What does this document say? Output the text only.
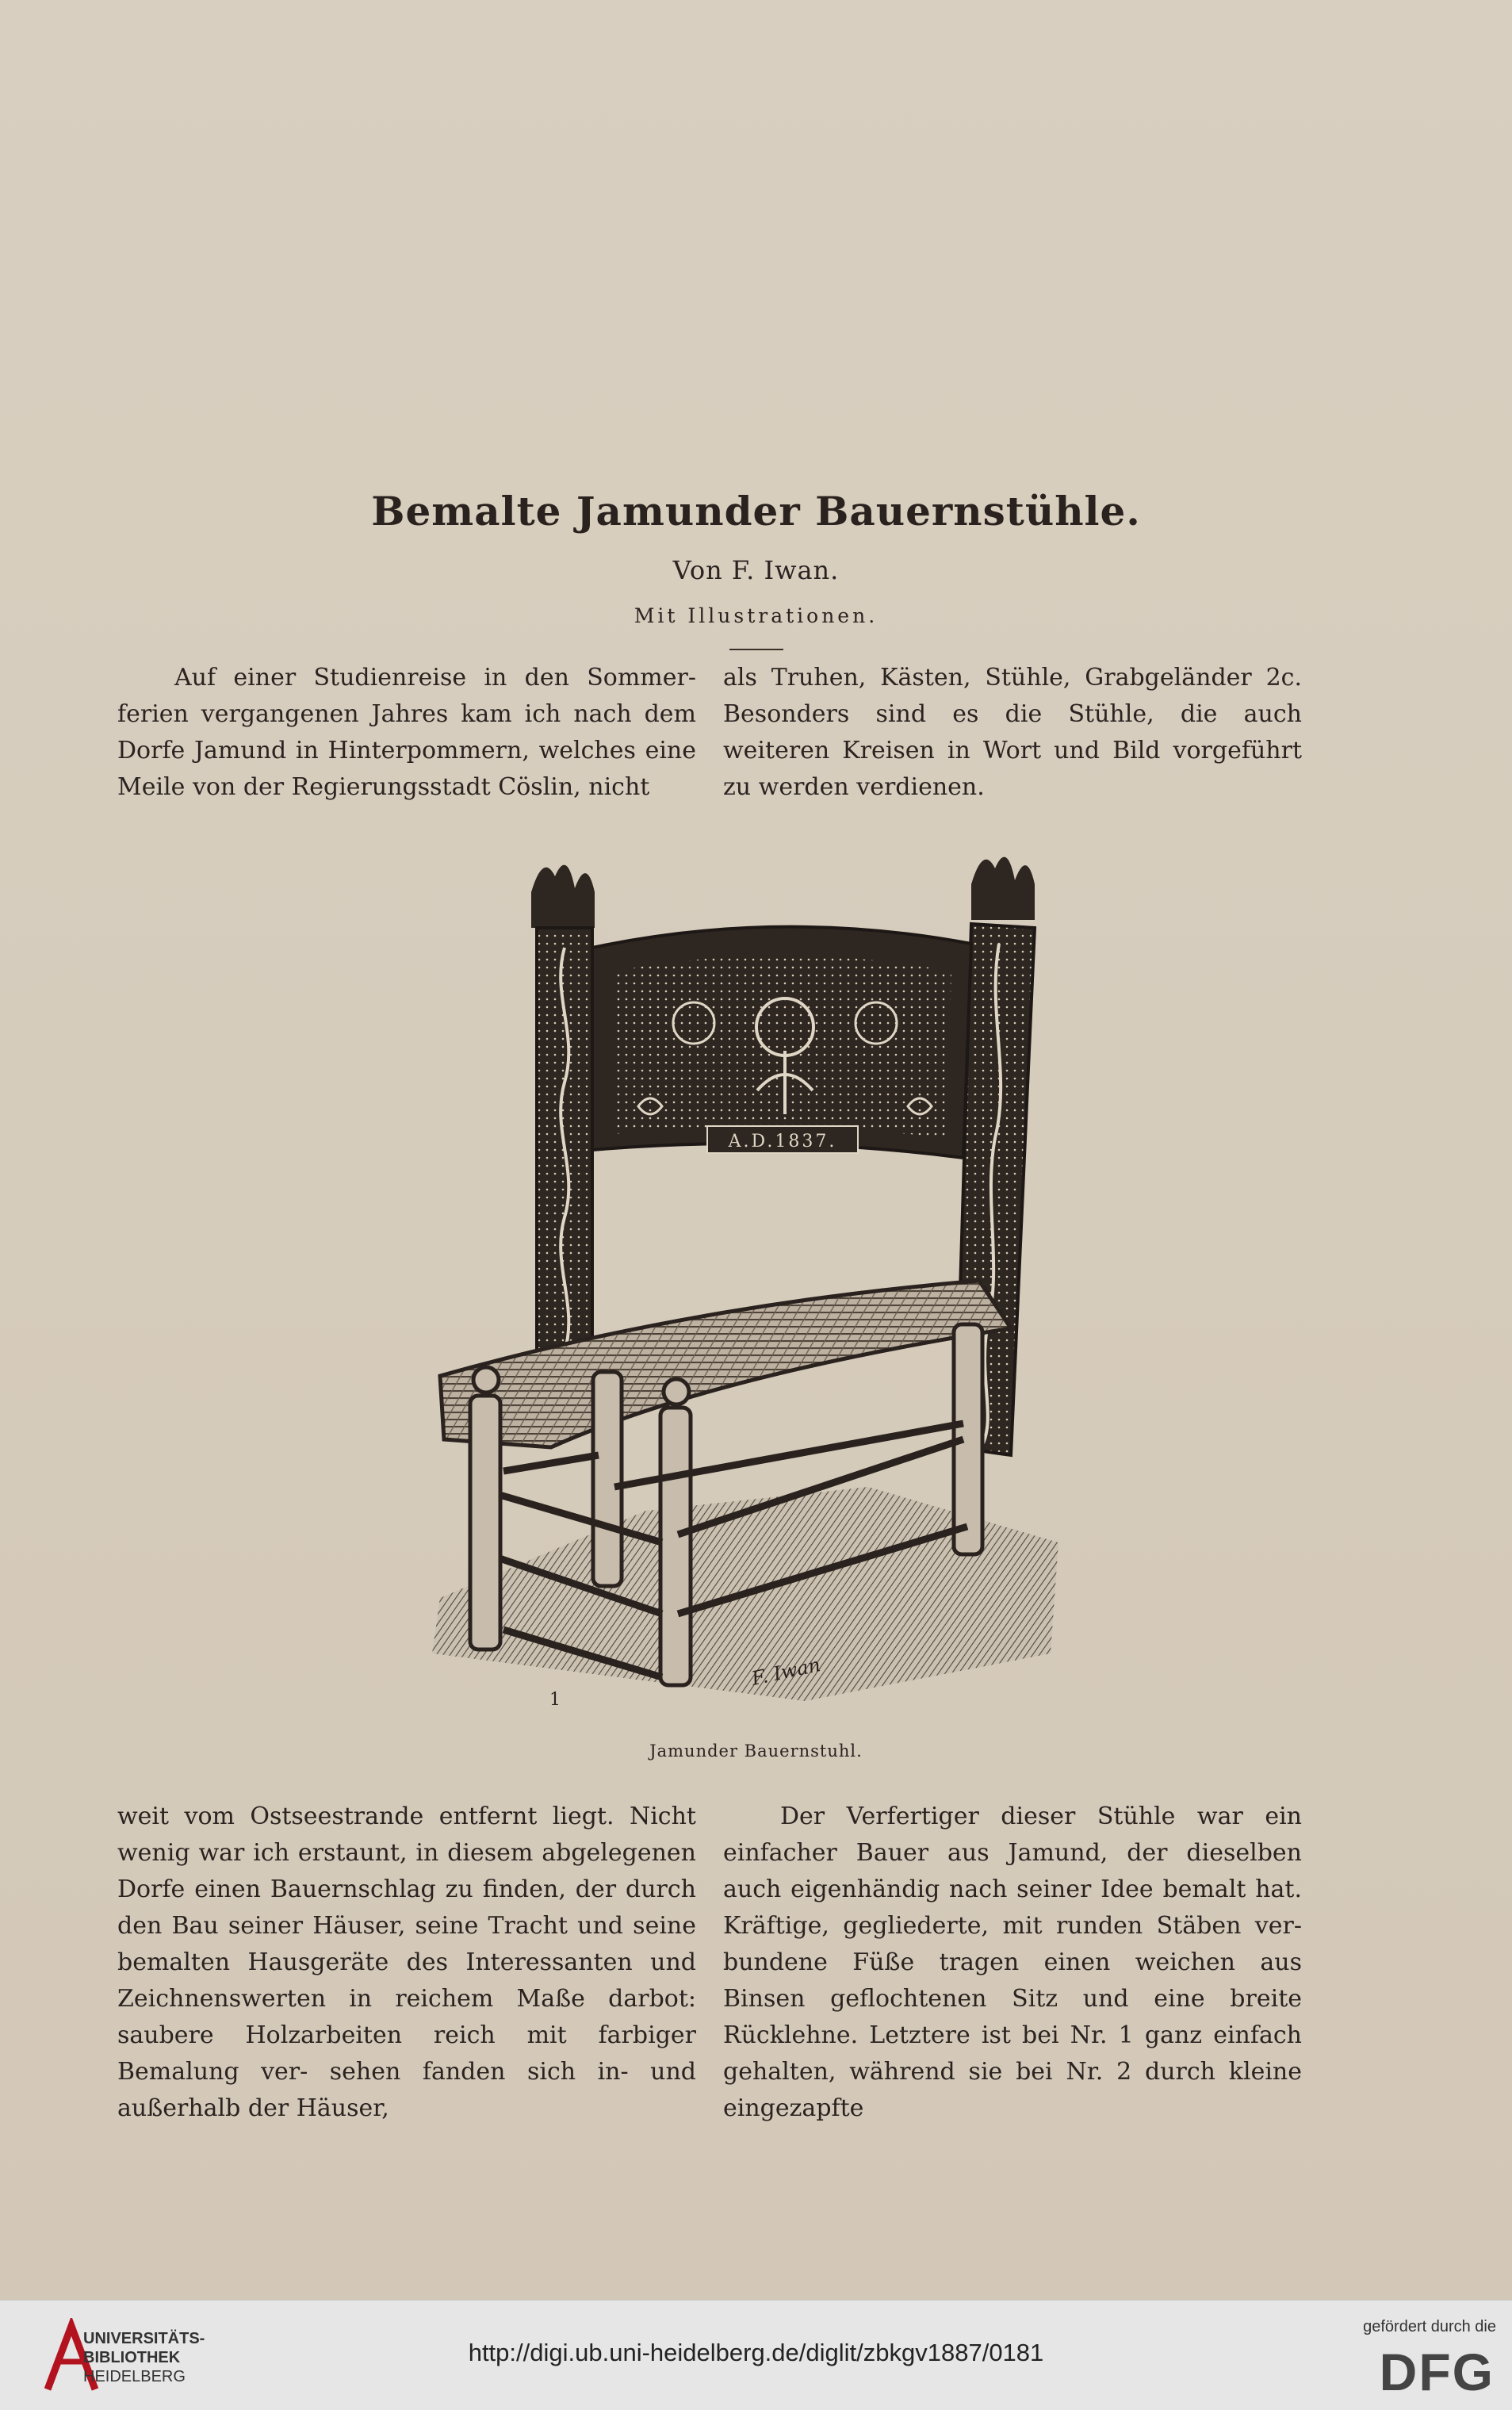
Bemalte Jamunder Bauernstühle.
Von F. Iwan.
Mit Illustrationen.

Auf einer Studienreise in den Sommer- ferien vergangenen Jahres kam ich nach dem Dorfe Jamund in Hinterpommern, welches eine Meile von der Regierungsstadt Cöslin, nicht

als Truhen, Kästen, Stühle, Grabgeländer 2c. Besonders sind es die Stühle, die auch weiteren Kreisen in Wort und Bild vorgeführt zu werden verdienen.

A.D.1837.
1
F. Iwan
Jamunder Bauernstuhl.

weit vom Ostseestrande entfernt liegt. Nicht wenig war ich erstaunt, in diesem abgelegenen Dorfe einen Bauernschlag zu finden, der durch den Bau seiner Häuser, seine Tracht und seine bemalten Hausgeräte des Interessanten und Zeichnenswerten in reichem Maße darbot: saubere Holzarbeiten reich mit farbiger Bemalung ver- sehen fanden sich in- und außerhalb der Häuser,

Der Verfertiger dieser Stühle war ein einfacher Bauer aus Jamund, der dieselben auch eigenhändig nach seiner Idee bemalt hat. Kräftige, gegliederte, mit runden Stäben ver- bundene Füße tragen einen weichen aus Binsen geflochtenen Sitz und eine breite Rücklehne. Letztere ist bei Nr. 1 ganz einfach gehalten, während sie bei Nr. 2 durch kleine eingezapfte

UNIVERSITÄTS-
BIBLIOTHEK
HEIDELBERG
http://digi.ub.uni-heidelberg.de/diglit/zbkgv1887/0181
gefördert durch die
DFG
